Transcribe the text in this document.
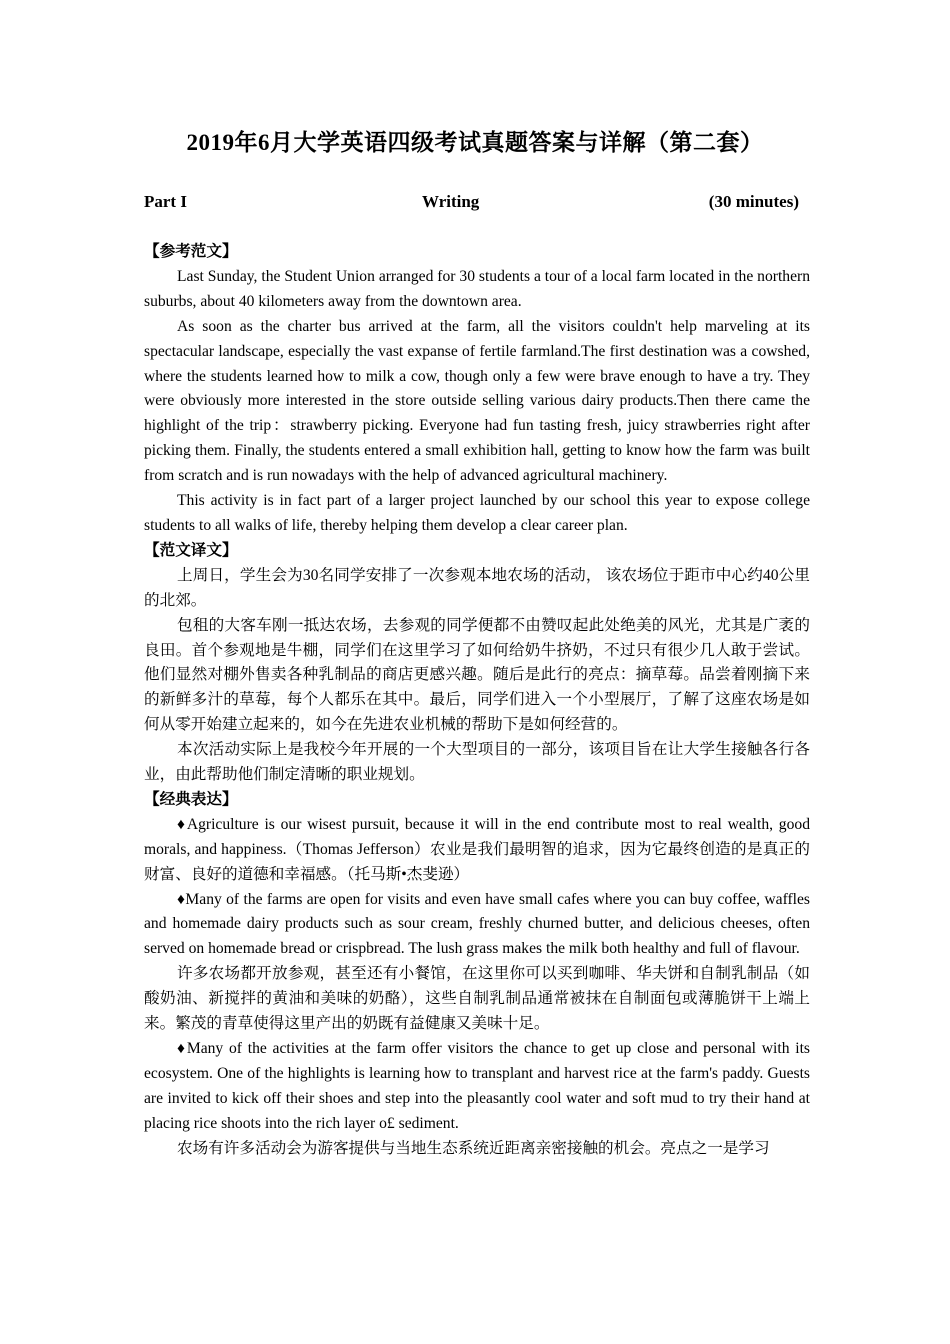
2019年6月大学英语四级考试真题答案与详解（第二套）
Part I	Writing	(30 minutes)
【参考范文】

Last Sunday, the Student Union arranged for 30 students a tour of a local farm located in the northern suburbs, about 40 kilometers away from the downtown area.

As soon as the charter bus arrived at the farm, all the visitors couldn't help marveling at its spectacular landscape, especially the vast expanse of fertile farmland.The first destination was a cowshed, where the students learned how to milk a cow, though only a few were brave enough to have a try. They were obviously more interested in the store outside selling various dairy products.Then there came the highlight of the trip：strawberry picking. Everyone had fun tasting fresh, juicy strawberries right after picking them. Finally, the students entered a small exhibition hall, getting to know how the farm was built from scratch and is run nowadays with the help of advanced agricultural machinery.

This activity is in fact part of a larger project launched by our school this year to expose college students to all walks of life, thereby helping them develop a clear career plan.

【范文译文】

上周日，学生会为30名同学安排了一次参观本地农场的活动， 该农场位于距市中心约40公里的北郊。

包租的大客车刚一抵达农场，去参观的同学便都不由赞叹起此处绝美的风光，尤其是广袤的良田。首个参观地是牛棚，同学们在这里学习了如何给奶牛挤奶，不过只有很少几人敢于尝试。他们显然对棚外售卖各种乳制品的商店更感兴趣。随后是此行的亮点：摘草莓。品尝着刚摘下来的新鲜多汁的草莓，每个人都乐在其中。最后，同学们进入一个小型展厅，了解了这座农场是如何从零开始建立起来的，如今在先进农业机械的帮助下是如何经营的。

本次活动实际上是我校今年开展的一个大型项目的一部分，该项目旨在让大学生接触各行各业，由此帮助他们制定清晰的职业规划。

【经典表达】

♦Agriculture is our wisest pursuit, because it will in the end contribute most to real wealth, good morals, and happiness.（Thomas Jefferson）农业是我们最明智的追求，因为它最终创造的是真正的财富、良好的道德和幸福感。（托马斯•杰斐逊）

♦Many of the farms are open for visits and even have small cafes where you can buy coffee, waffles and homemade dairy products such as sour cream, freshly churned butter, and delicious cheeses, often served on homemade bread or crispbread. The lush grass makes the milk both healthy and full of flavour.

许多农场都开放参观，甚至还有小餐馆，在这里你可以买到咖啡、华夫饼和自制乳制品（如酸奶油、新搅拌的黄油和美味的奶酪），这些自制乳制品通常被抹在自制面包或薄脆饼干上端上来。繁茂的青草使得这里产出的奶既有益健康又美味十足。

♦Many of the activities at the farm offer visitors the chance to get up close and personal with its ecosystem. One of the highlights is learning how to transplant and harvest rice at the farm's paddy. Guests are invited to kick off their shoes and step into the pleasantly cool water and soft mud to try their hand at placing rice shoots into the rich layer o£ sediment.

农场有许多活动会为游客提供与当地生态系统近距离亲密接触的机会。亮点之一是学习
